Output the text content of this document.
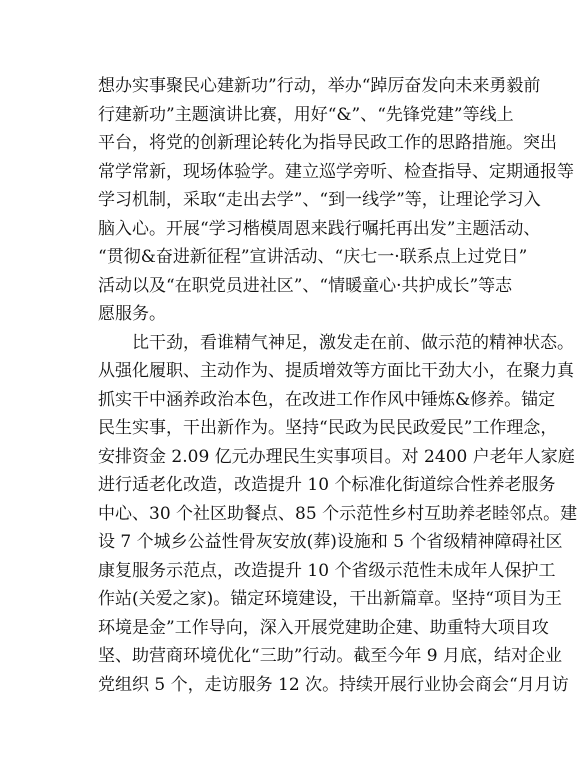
想办实事聚民心建新功”行动，举办“踔厉奋发向未来勇毅前
行建新功”主题演讲比赛，用好“&”、“先锋党建”等线上
平台，将党的创新理论转化为指导民政工作的思路措施。突出
常学常新，现场体验学。建立巡学旁听、检查指导、定期通报等
学习机制，采取“走出去学”、“到一线学”等，让理论学习入
脑入心。开展“学习楷模周恩来践行嘱托再出发”主题活动、
“贯彻&奋进新征程”宣讲活动、“庆七一·联系点上过党日”
活动以及“在职党员进社区”、“情暖童心·共护成长”等志
愿服务。
比干劲，看谁精气神足，激发走在前、做示范的精神状态。
从强化履职、主动作为、提质增效等方面比干劲大小，在聚力真
抓实干中涵养政治本色，在改进工作作风中锤炼&修养。锚定
民生实事，干出新作为。坚持“民政为民民政爱民”工作理念，
安排资金 2.09 亿元办理民生实事项目。对 2400 户老年人家庭
进行适老化改造，改造提升 10 个标准化街道综合性养老服务
中心、30 个社区助餐点、85 个示范性乡村互助养老睦邻点。建
设 7 个城乡公益性骨灰安放(葬)设施和 5 个省级精神障碍社区
康复服务示范点，改造提升 10 个省级示范性未成年人保护工
作站(关爱之家)。锚定环境建设，干出新篇章。坚持“项目为王
环境是金”工作导向，深入开展党建助企建、助重特大项目攻
坚、助营商环境优化“三助”行动。截至今年 9 月底，结对企业
党组织 5 个，走访服务 12 次。持续开展行业协会商会“月月访
